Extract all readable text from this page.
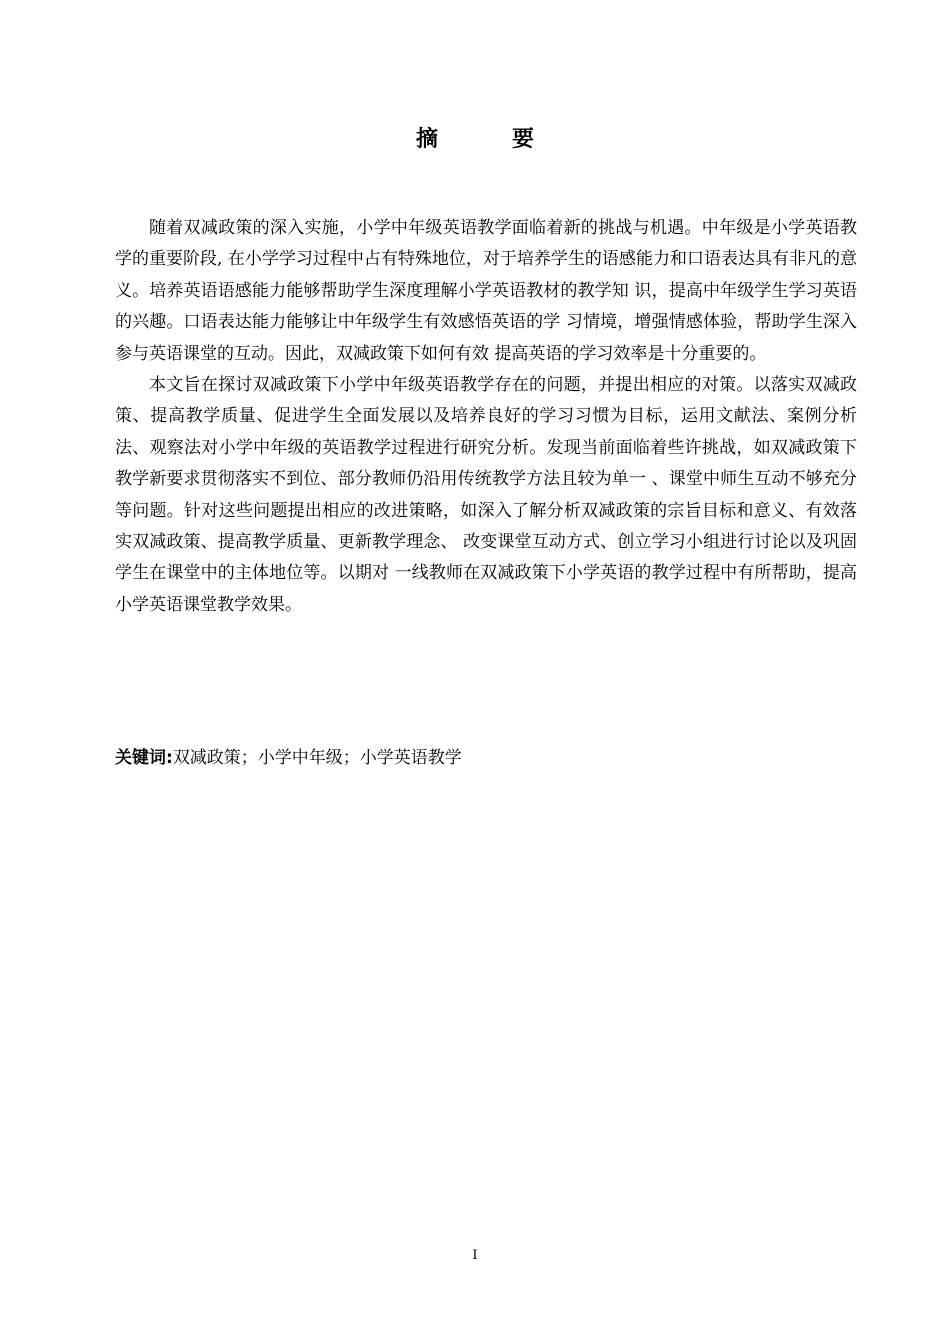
摘　要

随着双减政策的深入实施，小学中年级英语教学面临着新的挑战与机遇。中年级是小学英语教学的重要阶段, 在小学学习过程中占有特殊地位，对于培养学生的语感能力和口语表达具有非凡的意义。培养英语语感能力能够帮助学生深度理解小学英语教材的教学知 识，提高中年级学生学习英语的兴趣。口语表达能力能够让中年级学生有效感悟英语的学 习情境，增强情感体验，帮助学生深入参与英语课堂的互动。因此，双减政策下如何有效 提高英语的学习效率是十分重要的。

本文旨在探讨双减政策下小学中年级英语教学存在的问题，并提出相应的对策。以落实双减政策、提高教学质量、促进学生全面发展以及培养良好的学习习惯为目标，运用文献法、案例分析法、观察法对小学中年级的英语教学过程进行研究分析。发现当前面临着些许挑战，如双减政策下教学新要求贯彻落实不到位、部分教师仍沿用传统教学方法且较为单一 、课堂中师生互动不够充分等问题。针对这些问题提出相应的改进策略，如深入了解分析双减政策的宗旨目标和意义、有效落实双减政策、提高教学质量、更新教学理念、 改变课堂互动方式、创立学习小组进行讨论以及巩固学生在课堂中的主体地位等。以期对 一线教师在双减政策下小学英语的教学过程中有所帮助，提高小学英语课堂教学效果。

关键词:双减政策；小学中年级；小学英语教学
I
